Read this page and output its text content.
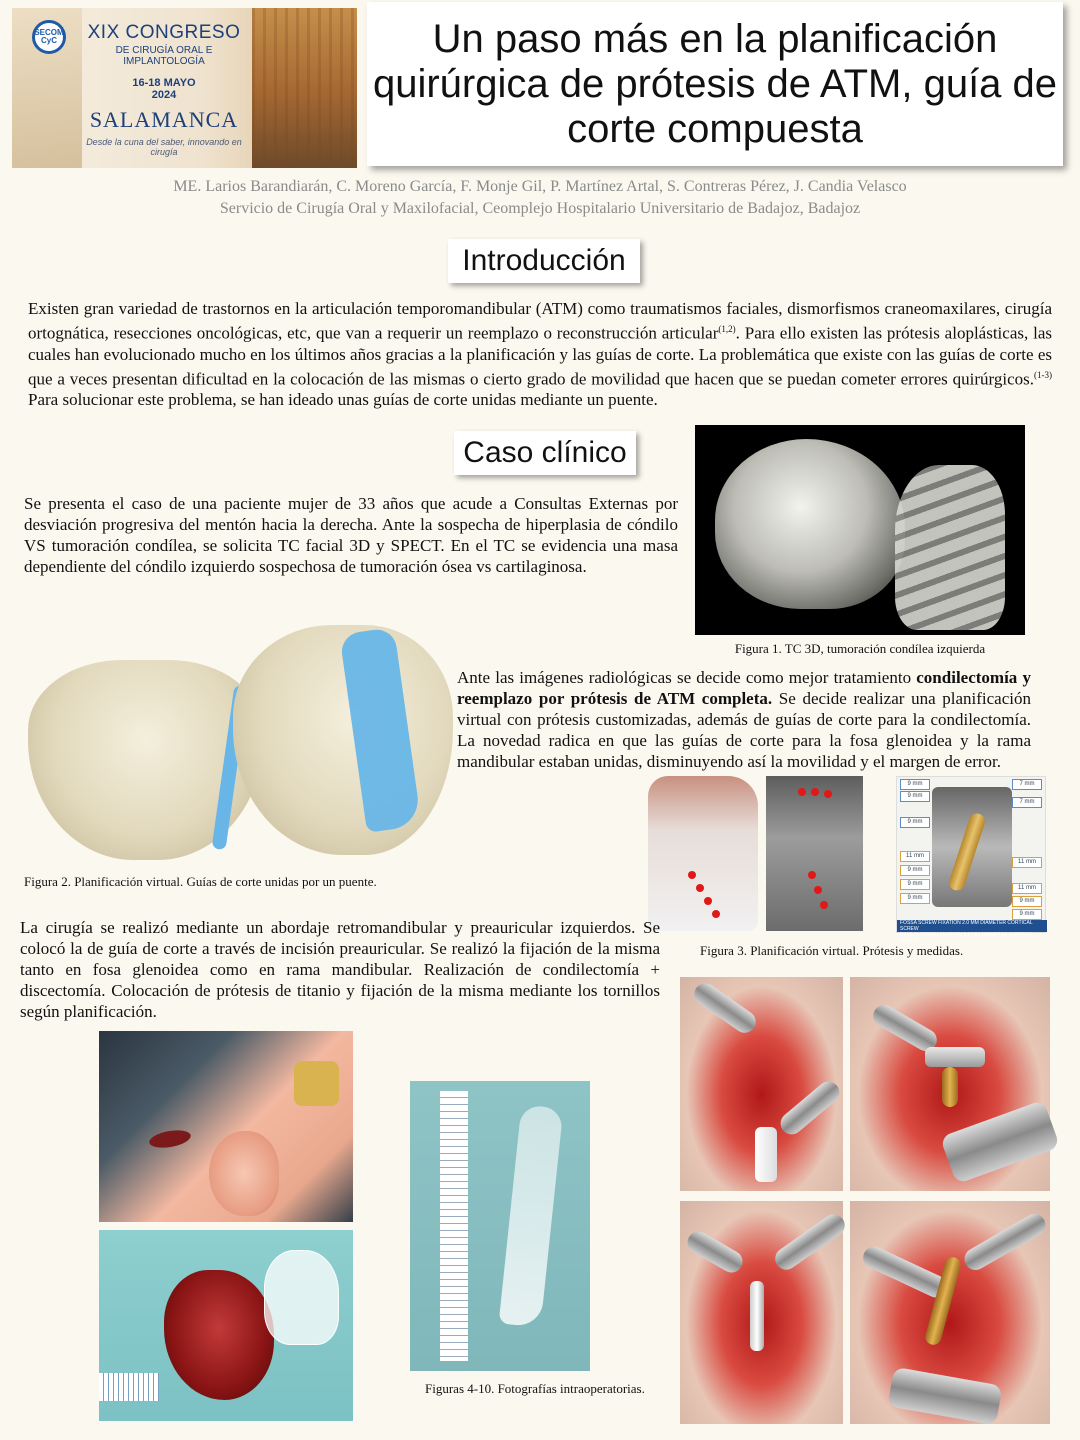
SECOM CyC	XIX CONGRESO
DE CIRUGÍA ORAL E IMPLANTOLOGÍA
16-18 MAYO
2024
SALAMANCA
Desde la cuna del saber, innovando en cirugía
Un paso más en la planificación quirúrgica de prótesis de ATM, guía de corte compuesta
ME. Larios Barandiarán, C. Moreno García, F. Monje Gil, P. Martínez Artal, S. Contreras Pérez, J. Candia Velasco
Servicio de Cirugía Oral y Maxilofacial, Ceomplejo Hospitalario Universitario de Badajoz, Badajoz
Introducción
Existen gran variedad de trastornos en la articulación temporomandibular (ATM) como traumatismos faciales, dismorfismos craneomaxilares, cirugía ortognática, resecciones oncológicas, etc, que van a requerir un reemplazo o reconstrucción articular$^{(1,2)}$. Para ello existen las prótesis aloplásticas, las cuales han evolucionado mucho en los últimos años gracias a la planificación y las guías de corte. La problemática que existe con las guías de corte es que a veces presentan dificultad en la colocación de las mismas o cierto grado de movilidad que hacen que se puedan cometer errores quirúrgicos.$^{(1-3)}$ Para solucionar este problema, se han ideado unas guías de corte unidas mediante un puente.
Caso clínico
Se presenta el caso de una paciente mujer de 33 años que acude a Consultas Externas por desviación progresiva del mentón hacia la derecha. Ante la sospecha de hiperplasia de cóndilo VS tumoración condílea, se solicita TC facial 3D y SPECT. En el TC se evidencia una masa dependiente del cóndilo izquierdo sospechosa de tumoración ósea vs cartilaginosa.
Figura 1. TC 3D, tumoración condílea izquierda
Figura 2. Planificación virtual. Guías de corte unidas por un puente.
Ante las imágenes radiológicas se decide como mejor tratamiento condilectomía y reemplazo por prótesis de ATM completa. Se decide realizar una planificación virtual con prótesis customizadas, además de guías de corte para la condilectomía. La novedad radica en que las guías de corte para la fosa glenoidea y la rama mandibular estaban unidas, disminuyendo así la movilidad y el margen de error.
9 mm
9 mm
9 mm
11 mm
9 mm
9 mm
9 mm
7 mm
7 mm
11 mm
11 mm
9 mm
9 mm
FOSSA SCREW FIXATION 2.0 MM DIAMETER CORTICAL SCREW
RAMUS SCREW FIXATION 2.0 MM DIAMETER CORTICAL SCREW
Figura 3. Planificación virtual. Prótesis y medidas.
La cirugía se realizó mediante un abordaje retromandibular y preauricular izquierdos. Se colocó la de guía de corte a través de incisión preauricular. Se realizó la fijación de la misma tanto en fosa glenoidea como en rama mandibular. Realización de condilectomía + discectomía. Colocación de prótesis de titanio y fijación de la misma mediante los tornillos según planificación.
Figuras 4-10. Fotografías intraoperatorias.
